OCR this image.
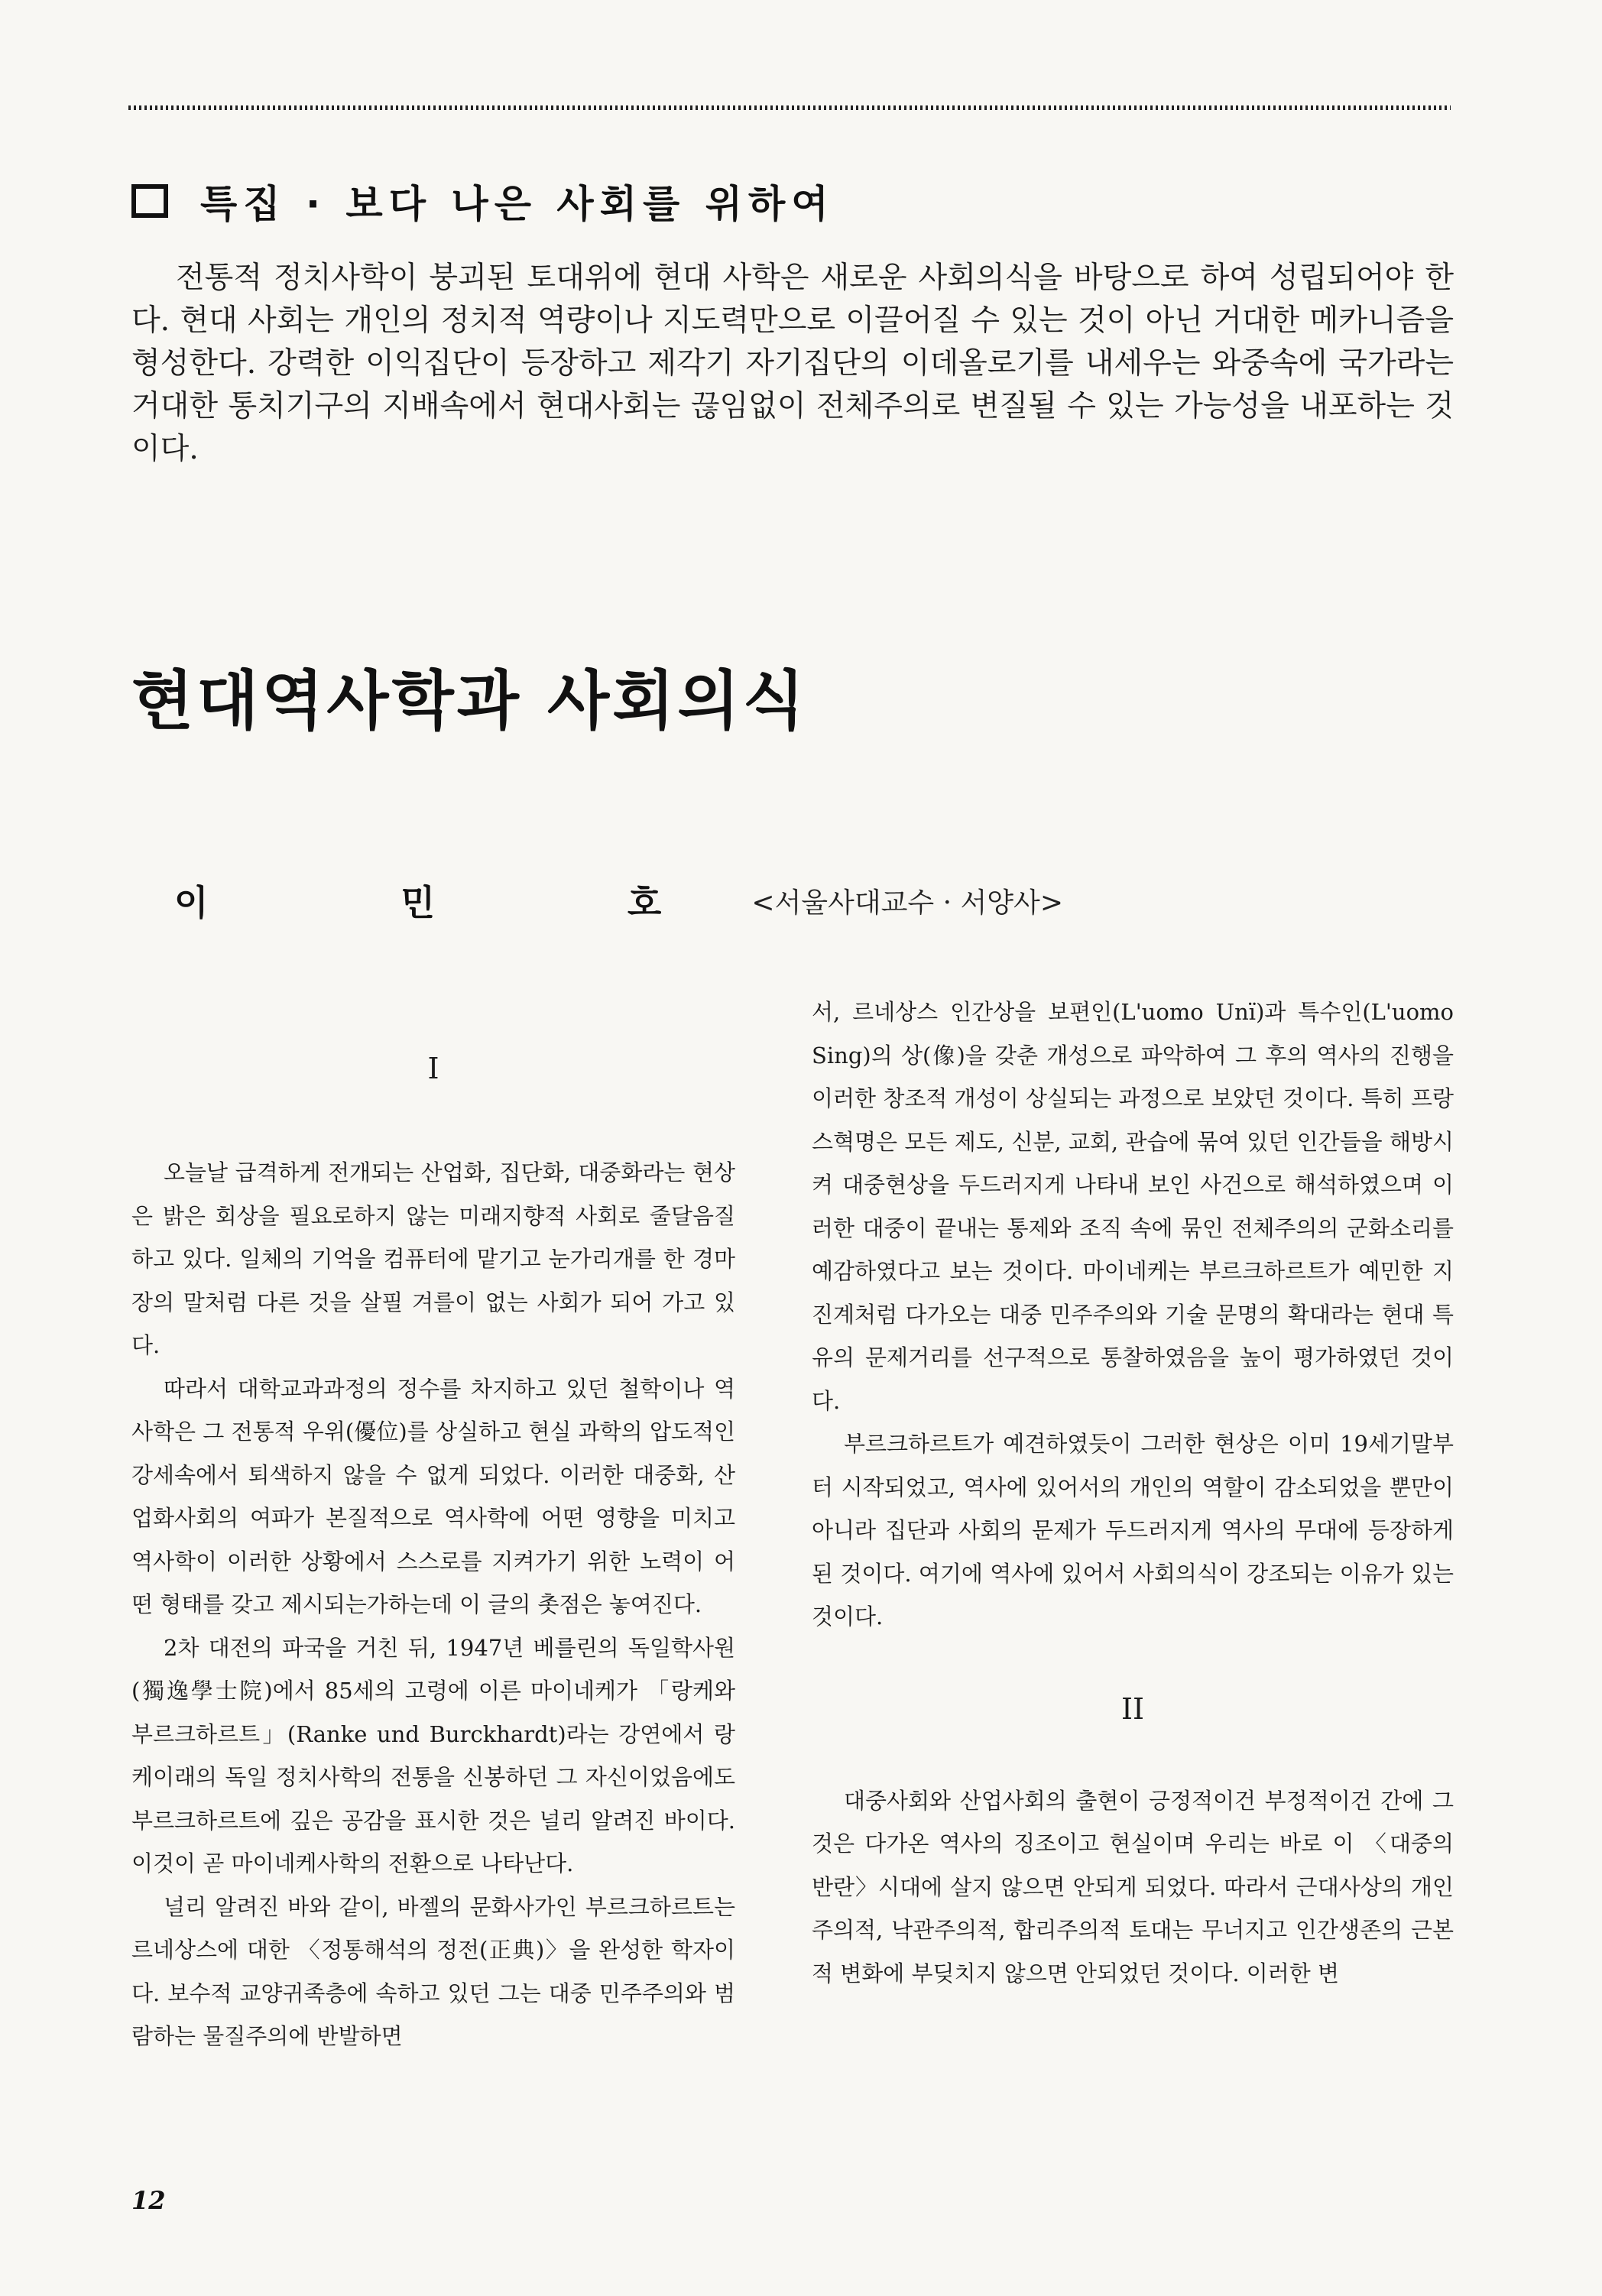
특집 · 보다 나은 사회를 위하여

전통적 정치사학이 붕괴된 토대위에 현대 사학은 새로운 사회의식을 바탕으로 하여 성립되어야 한다. 현대 사회는 개인의 정치적 역량이나 지도력만으로 이끌어질 수 있는 것이 아닌 거대한 메카니즘을 형성한다. 강력한 이익집단이 등장하고 제각기 자기집단의 이데올로기를 내세우는 와중속에 국가라는 거대한 통치기구의 지배속에서 현대사회는 끊임없이 전체주의로 변질될 수 있는 가능성을 내포하는 것이다.

현대역사학과 사회의식
이 민 호 <서울사대교수 · 서양사>
I

오늘날 급격하게 전개되는 산업화, 집단화, 대중화라는 현상은 밝은 회상을 필요로하지 않는 미래지향적 사회로 줄달음질하고 있다. 일체의 기억을 컴퓨터에 맡기고 눈가리개를 한 경마장의 말처럼 다른 것을 살필 겨를이 없는 사회가 되어 가고 있다.

따라서 대학교과과정의 정수를 차지하고 있던 철학이나 역사학은 그 전통적 우위(優位)를 상실하고 현실 과학의 압도적인 강세속에서 퇴색하지 않을 수 없게 되었다. 이러한 대중화, 산업화사회의 여파가 본질적으로 역사학에 어떤 영향을 미치고 역사학이 이러한 상황에서 스스로를 지켜가기 위한 노력이 어떤 형태를 갖고 제시되는가하는데 이 글의 촛점은 놓여진다.

2차 대전의 파국을 거친 뒤, 1947년 베를린의 독일학사원(獨逸學士院)에서 85세의 고령에 이른 마이네케가 「랑케와 부르크하르트」(Ranke und Burckhardt)라는 강연에서 랑케이래의 독일 정치사학의 전통을 신봉하던 그 자신이었음에도 부르크하르트에 깊은 공감을 표시한 것은 널리 알려진 바이다. 이것이 곧 마이네케사학의 전환으로 나타난다.

널리 알려진 바와 같이, 바젤의 문화사가인 부르크하르트는 르네상스에 대한 〈정통해석의 정전(正典)〉을 완성한 학자이다. 보수적 교양귀족층에 속하고 있던 그는 대중 민주주의와 범람하는 물질주의에 반발하면

서, 르네상스 인간상을 보편인(L'uomo Unï)과 특수인(L'uomo Sing)의 상(像)을 갖춘 개성으로 파악하여 그 후의 역사의 진행을 이러한 창조적 개성이 상실되는 과정으로 보았던 것이다. 특히 프랑스혁명은 모든 제도, 신분, 교회, 관습에 묶여 있던 인간들을 해방시켜 대중현상을 두드러지게 나타내 보인 사건으로 해석하였으며 이러한 대중이 끝내는 통제와 조직 속에 묶인 전체주의의 군화소리를 예감하였다고 보는 것이다. 마이네케는 부르크하르트가 예민한 지진계처럼 다가오는 대중 민주주의와 기술 문명의 확대라는 현대 특유의 문제거리를 선구적으로 통찰하였음을 높이 평가하였던 것이다.

부르크하르트가 예견하였듯이 그러한 현상은 이미 19세기말부터 시작되었고, 역사에 있어서의 개인의 역할이 감소되었을 뿐만이 아니라 집단과 사회의 문제가 두드러지게 역사의 무대에 등장하게 된 것이다. 여기에 역사에 있어서 사회의식이 강조되는 이유가 있는 것이다.

II

대중사회와 산업사회의 출현이 긍정적이건 부정적이건 간에 그것은 다가온 역사의 징조이고 현실이며 우리는 바로 이 〈대중의 반란〉시대에 살지 않으면 안되게 되었다. 따라서 근대사상의 개인주의적, 낙관주의적, 합리주의적 토대는 무너지고 인간생존의 근본적 변화에 부딪치지 않으면 안되었던 것이다. 이러한 변

12
